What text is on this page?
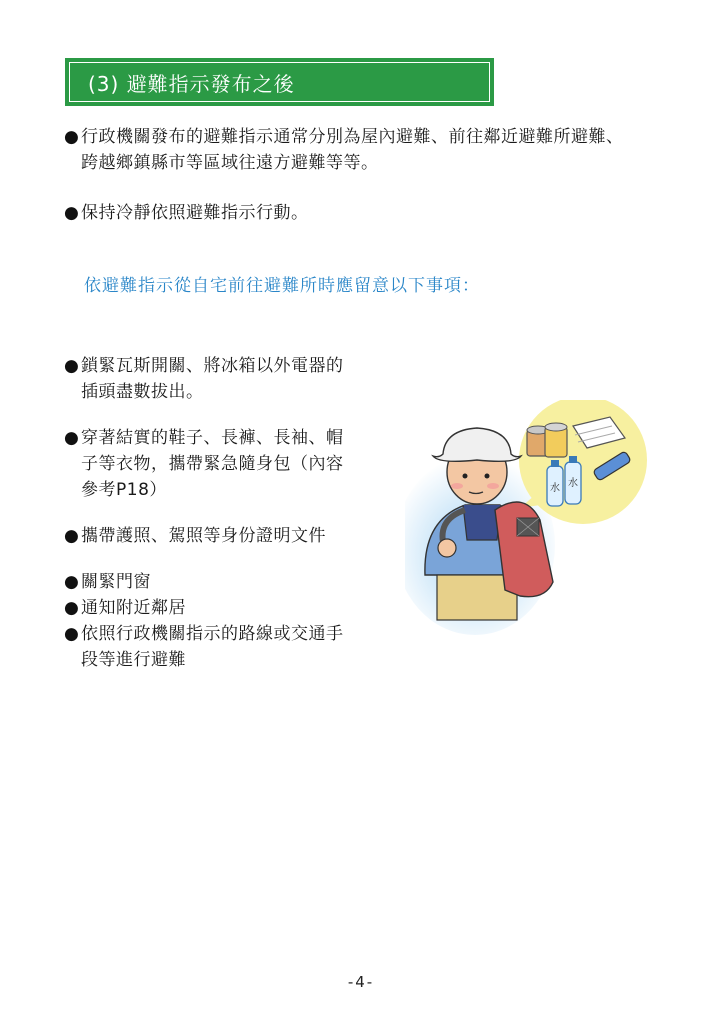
(3) 避難指示發布之後
● 行政機關發布的避難指示通常分別為屋內避難、前往鄰近避難所避難、
跨越鄉鎮縣市等區域往遠方避難等等。
● 保持冷靜依照避難指示行動。
依避難指示從自宅前往避難所時應留意以下事項：
● 鎖緊瓦斯開關、將冰箱以外電器的
插頭盡數拔出。
● 穿著結實的鞋子、長褲、長袖、帽
子等衣物，攜帶緊急隨身包（內容
參考P18）
● 攜帶護照、駕照等身份證明文件
● 關緊門窗
● 通知附近鄰居
● 依照行政機關指示的路線或交通手
段等進行避難
水 水
-4-
